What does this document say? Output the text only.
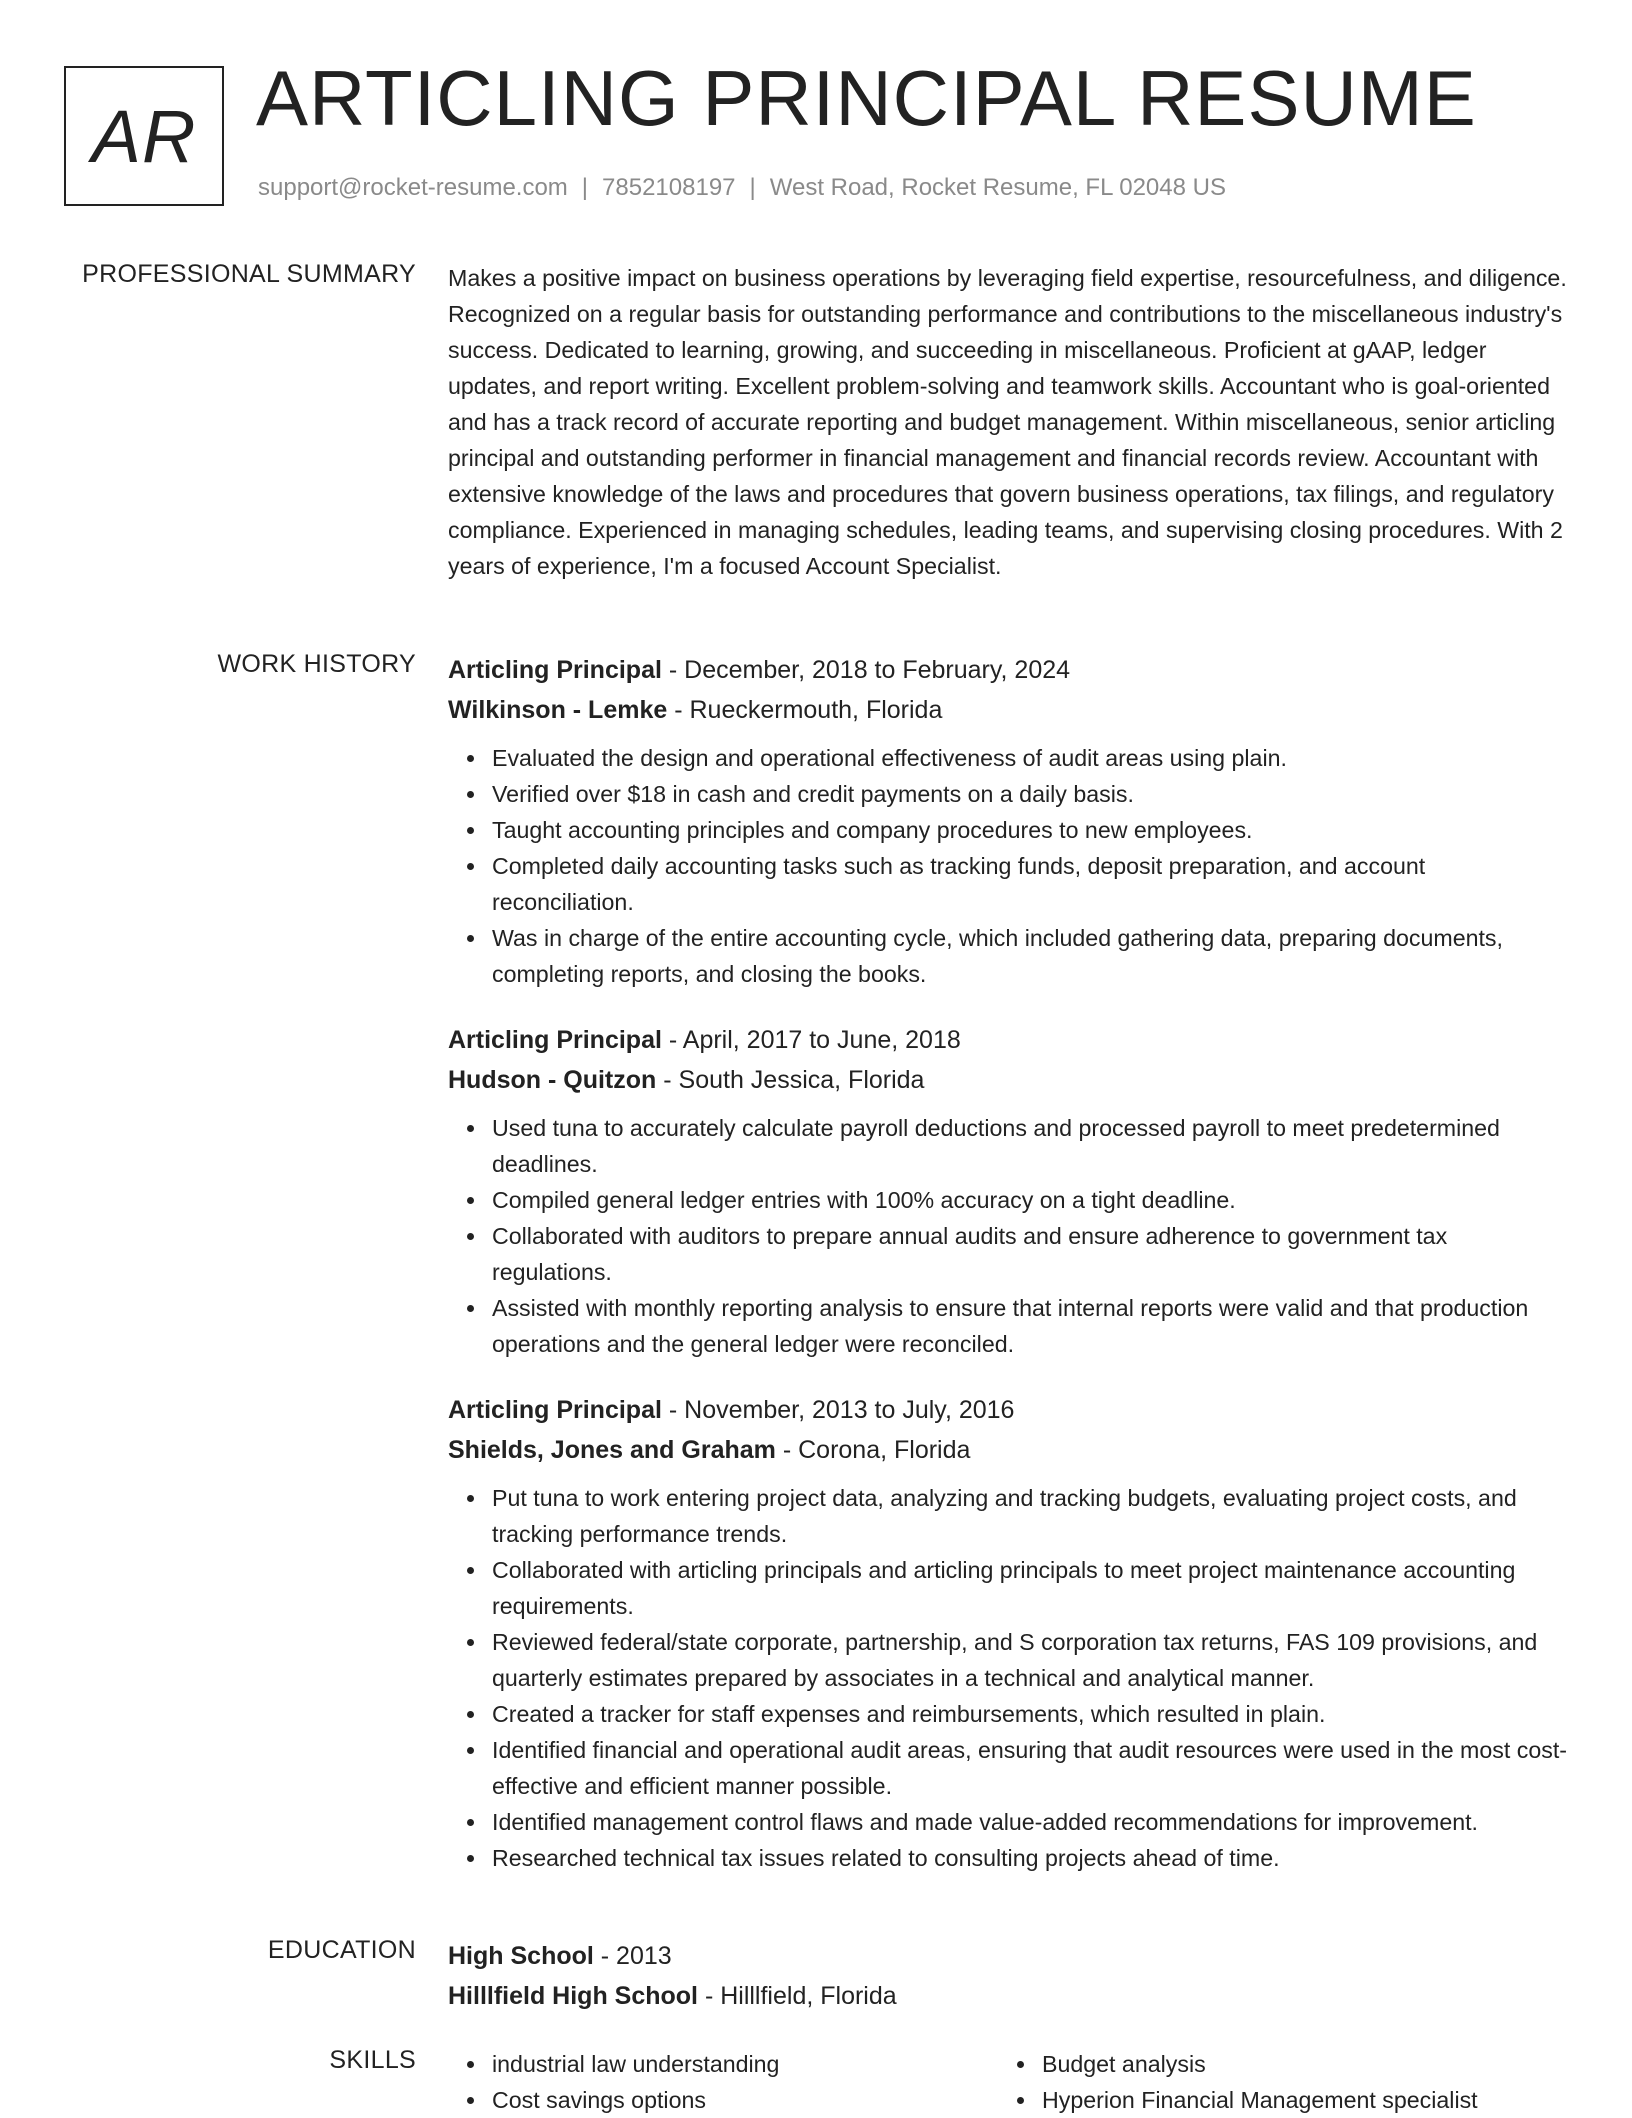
AR ARTICLING PRINCIPAL RESUME
support@rocket-resume.com | 7852108197 | West Road, Rocket Resume, FL 02048 US
PROFESSIONAL SUMMARY Makes a positive impact on business operations by leveraging field expertise, resourcefulness, and diligence. Recognized on a regular basis for outstanding performance and contributions to the miscellaneous industry's success. Dedicated to learning, growing, and succeeding in miscellaneous. Proficient at gAAP, ledger updates, and report writing. Excellent problem-solving and teamwork skills. Accountant who is goal-oriented and has a track record of accurate reporting and budget management. Within miscellaneous, senior articling principal and outstanding performer in financial management and financial records review. Accountant with extensive knowledge of the laws and procedures that govern business operations, tax filings, and regulatory compliance. Experienced in managing schedules, leading teams, and supervising closing procedures. With 2 years of experience, I'm a focused Account Specialist.

WORK HISTORY Articling Principal - December, 2018 to February, 2024
Wilkinson - Lemke - Rueckermouth, Florida
Evaluated the design and operational effectiveness of audit areas using plain.
Verified over $18 in cash and credit payments on a daily basis.
Taught accounting principles and company procedures to new employees.
Completed daily accounting tasks such as tracking funds, deposit preparation, and account reconciliation.
Was in charge of the entire accounting cycle, which included gathering data, preparing documents, completing reports, and closing the books.
Articling Principal - April, 2017 to June, 2018
Hudson - Quitzon - South Jessica, Florida
Used tuna to accurately calculate payroll deductions and processed payroll to meet predetermined deadlines.
Compiled general ledger entries with 100% accuracy on a tight deadline.
Collaborated with auditors to prepare annual audits and ensure adherence to government tax regulations.
Assisted with monthly reporting analysis to ensure that internal reports were valid and that production operations and the general ledger were reconciled.
Articling Principal - November, 2013 to July, 2016
Shields, Jones and Graham - Corona, Florida
Put tuna to work entering project data, analyzing and tracking budgets, evaluating project costs, and tracking performance trends.
Collaborated with articling principals and articling principals to meet project maintenance accounting requirements.
Reviewed federal/state corporate, partnership, and S corporation tax returns, FAS 109 provisions, and quarterly estimates prepared by associates in a technical and analytical manner.
Created a tracker for staff expenses and reimbursements, which resulted in plain.
Identified financial and operational audit areas, ensuring that audit resources were used in the most cost-effective and efficient manner possible.
Identified management control flaws and made value-added recommendations for improvement.
Researched technical tax issues related to consulting projects ahead of time.
EDUCATION High School - 2013
Hilllfield High School - Hilllfield, Florida
SKILLS	industrial law understanding
Cost savings options
Budget analysis
Hyperion Financial Management specialist
